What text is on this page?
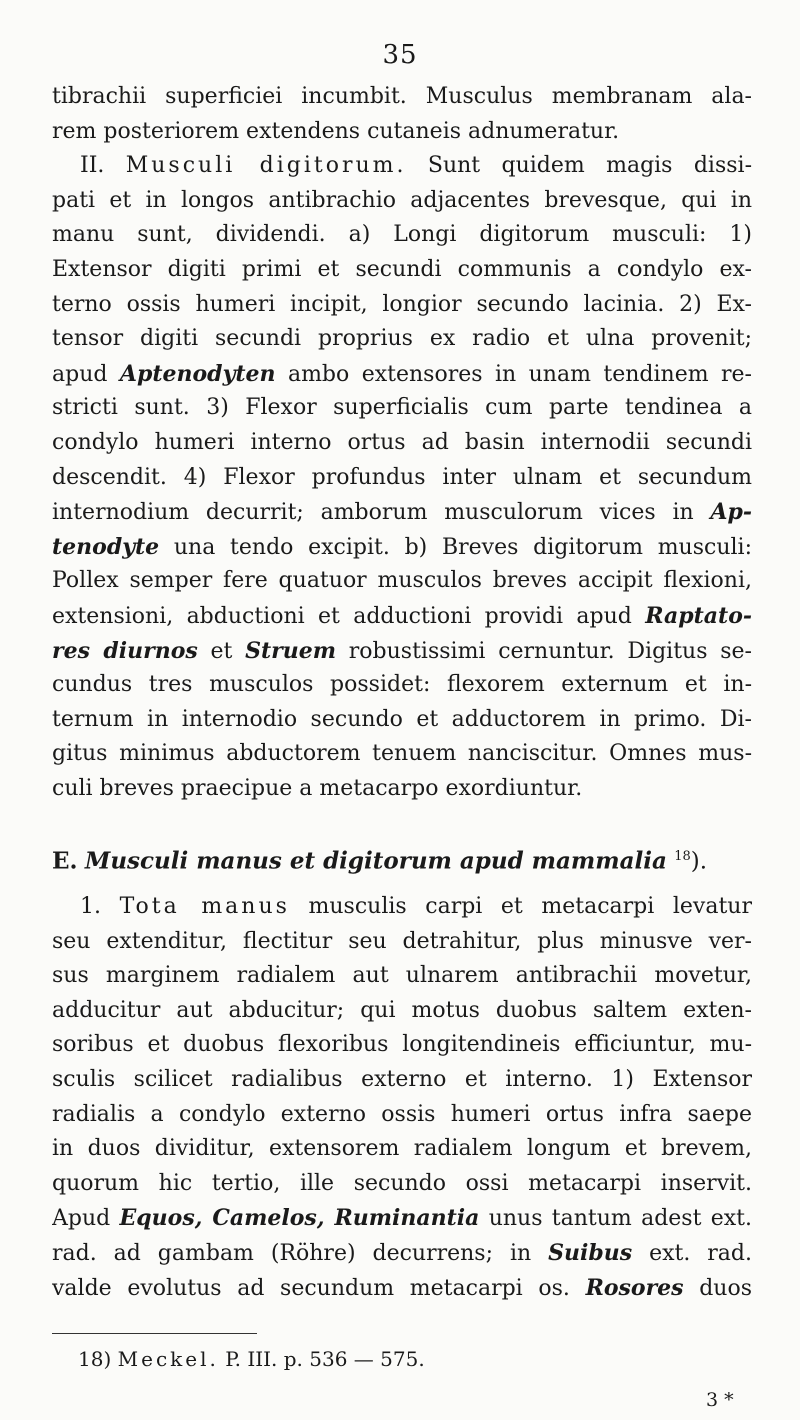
35
tibrachii superficiei incumbit. Musculus membranam ala-
rem posteriorem extendens cutaneis adnumeratur.
II. Musculi digitorum. Sunt quidem magis dissi-
pati et in longos antibrachio adjacentes brevesque, qui in
manu sunt, dividendi. a) Longi digitorum musculi: 1)
Extensor digiti primi et secundi communis a condylo ex-
terno ossis humeri incipit, longior secundo lacinia. 2) Ex-
tensor digiti secundi proprius ex radio et ulna provenit;
apud Aptenodyten ambo extensores in unam tendinem re-
stricti sunt. 3) Flexor superficialis cum parte tendinea a
condylo humeri interno ortus ad basin internodii secundi
descendit. 4) Flexor profundus inter ulnam et secundum
internodium decurrit; amborum musculorum vices in Ap-
tenodyte una tendo excipit. b) Breves digitorum musculi:
Pollex semper fere quatuor musculos breves accipit flexioni,
extensioni, abductioni et adductioni providi apud Raptato-
res diurnos et Struem robustissimi cernuntur. Digitus se-
cundus tres musculos possidet: flexorem externum et in-
ternum in internodio secundo et adductorem in primo. Di-
gitus minimus abductorem tenuem nanciscitur. Omnes mus-
culi breves praecipue a metacarpo exordiuntur.
E. Musculi manus et digitorum apud mammalia $^{18}$).
1. Tota manus musculis carpi et metacarpi levatur
seu extenditur, flectitur seu detrahitur, plus minusve ver-
sus marginem radialem aut ulnarem antibrachii movetur,
adducitur aut abducitur; qui motus duobus saltem exten-
soribus et duobus flexoribus longitendineis efficiuntur, mu-
sculis scilicet radialibus externo et interno. 1) Extensor
radialis a condylo externo ossis humeri ortus infra saepe
in duos dividitur, extensorem radialem longum et brevem,
quorum hic tertio, ille secundo ossi metacarpi inservit.
Apud Equos, Camelos, Ruminantia unus tantum adest ext.
rad. ad gambam (Röhre) decurrens; in Suibus ext. rad.
valde evolutus ad secundum metacarpi os. Rosores duos
18) Meckel. P. III. p. 536 — 575.
3 *
